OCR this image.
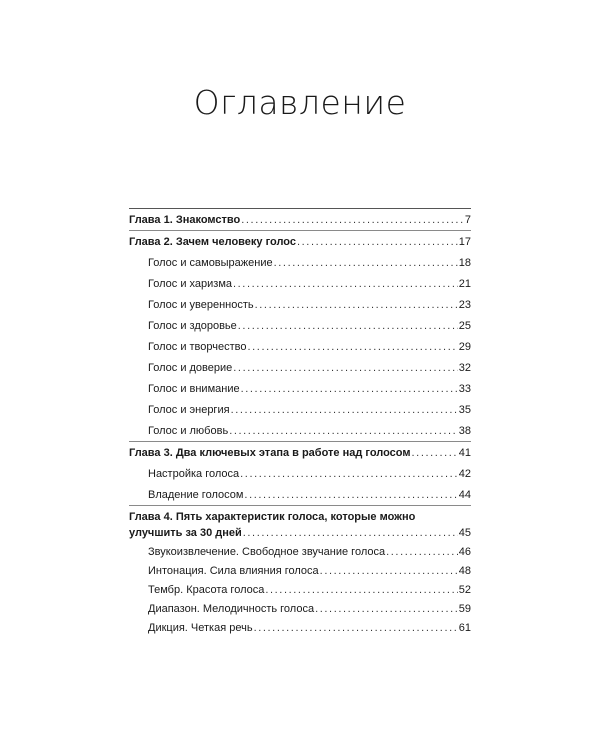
Оглавление
Глава 1. Знакомство .....	7
Глава 2. Зачем человеку голос .....	17
Голос и самовыражение .....	18
Голос и харизма .....	21
Голос и уверенность .....	23
Голос и здоровье .....	25
Голос и творчество .....	29
Голос и доверие .....	32
Голос и внимание .....	33
Голос и энергия .....	35
Голос и любовь .....	38
Глава 3. Два ключевых этапа в работе над голосом .....	41
Настройка голоса .....	42
Владение голосом .....	44
Глава 4. Пять характеристик голоса, которые можно
улучшить за 30 дней .....	45
Звукоизвлечение. Свободное звучание голоса .....	46
Интонация. Сила влияния голоса .....	48
Тембр. Красота голоса .....	52
Диапазон. Мелодичность голоса .....	59
Дикция. Четкая речь .....	61
